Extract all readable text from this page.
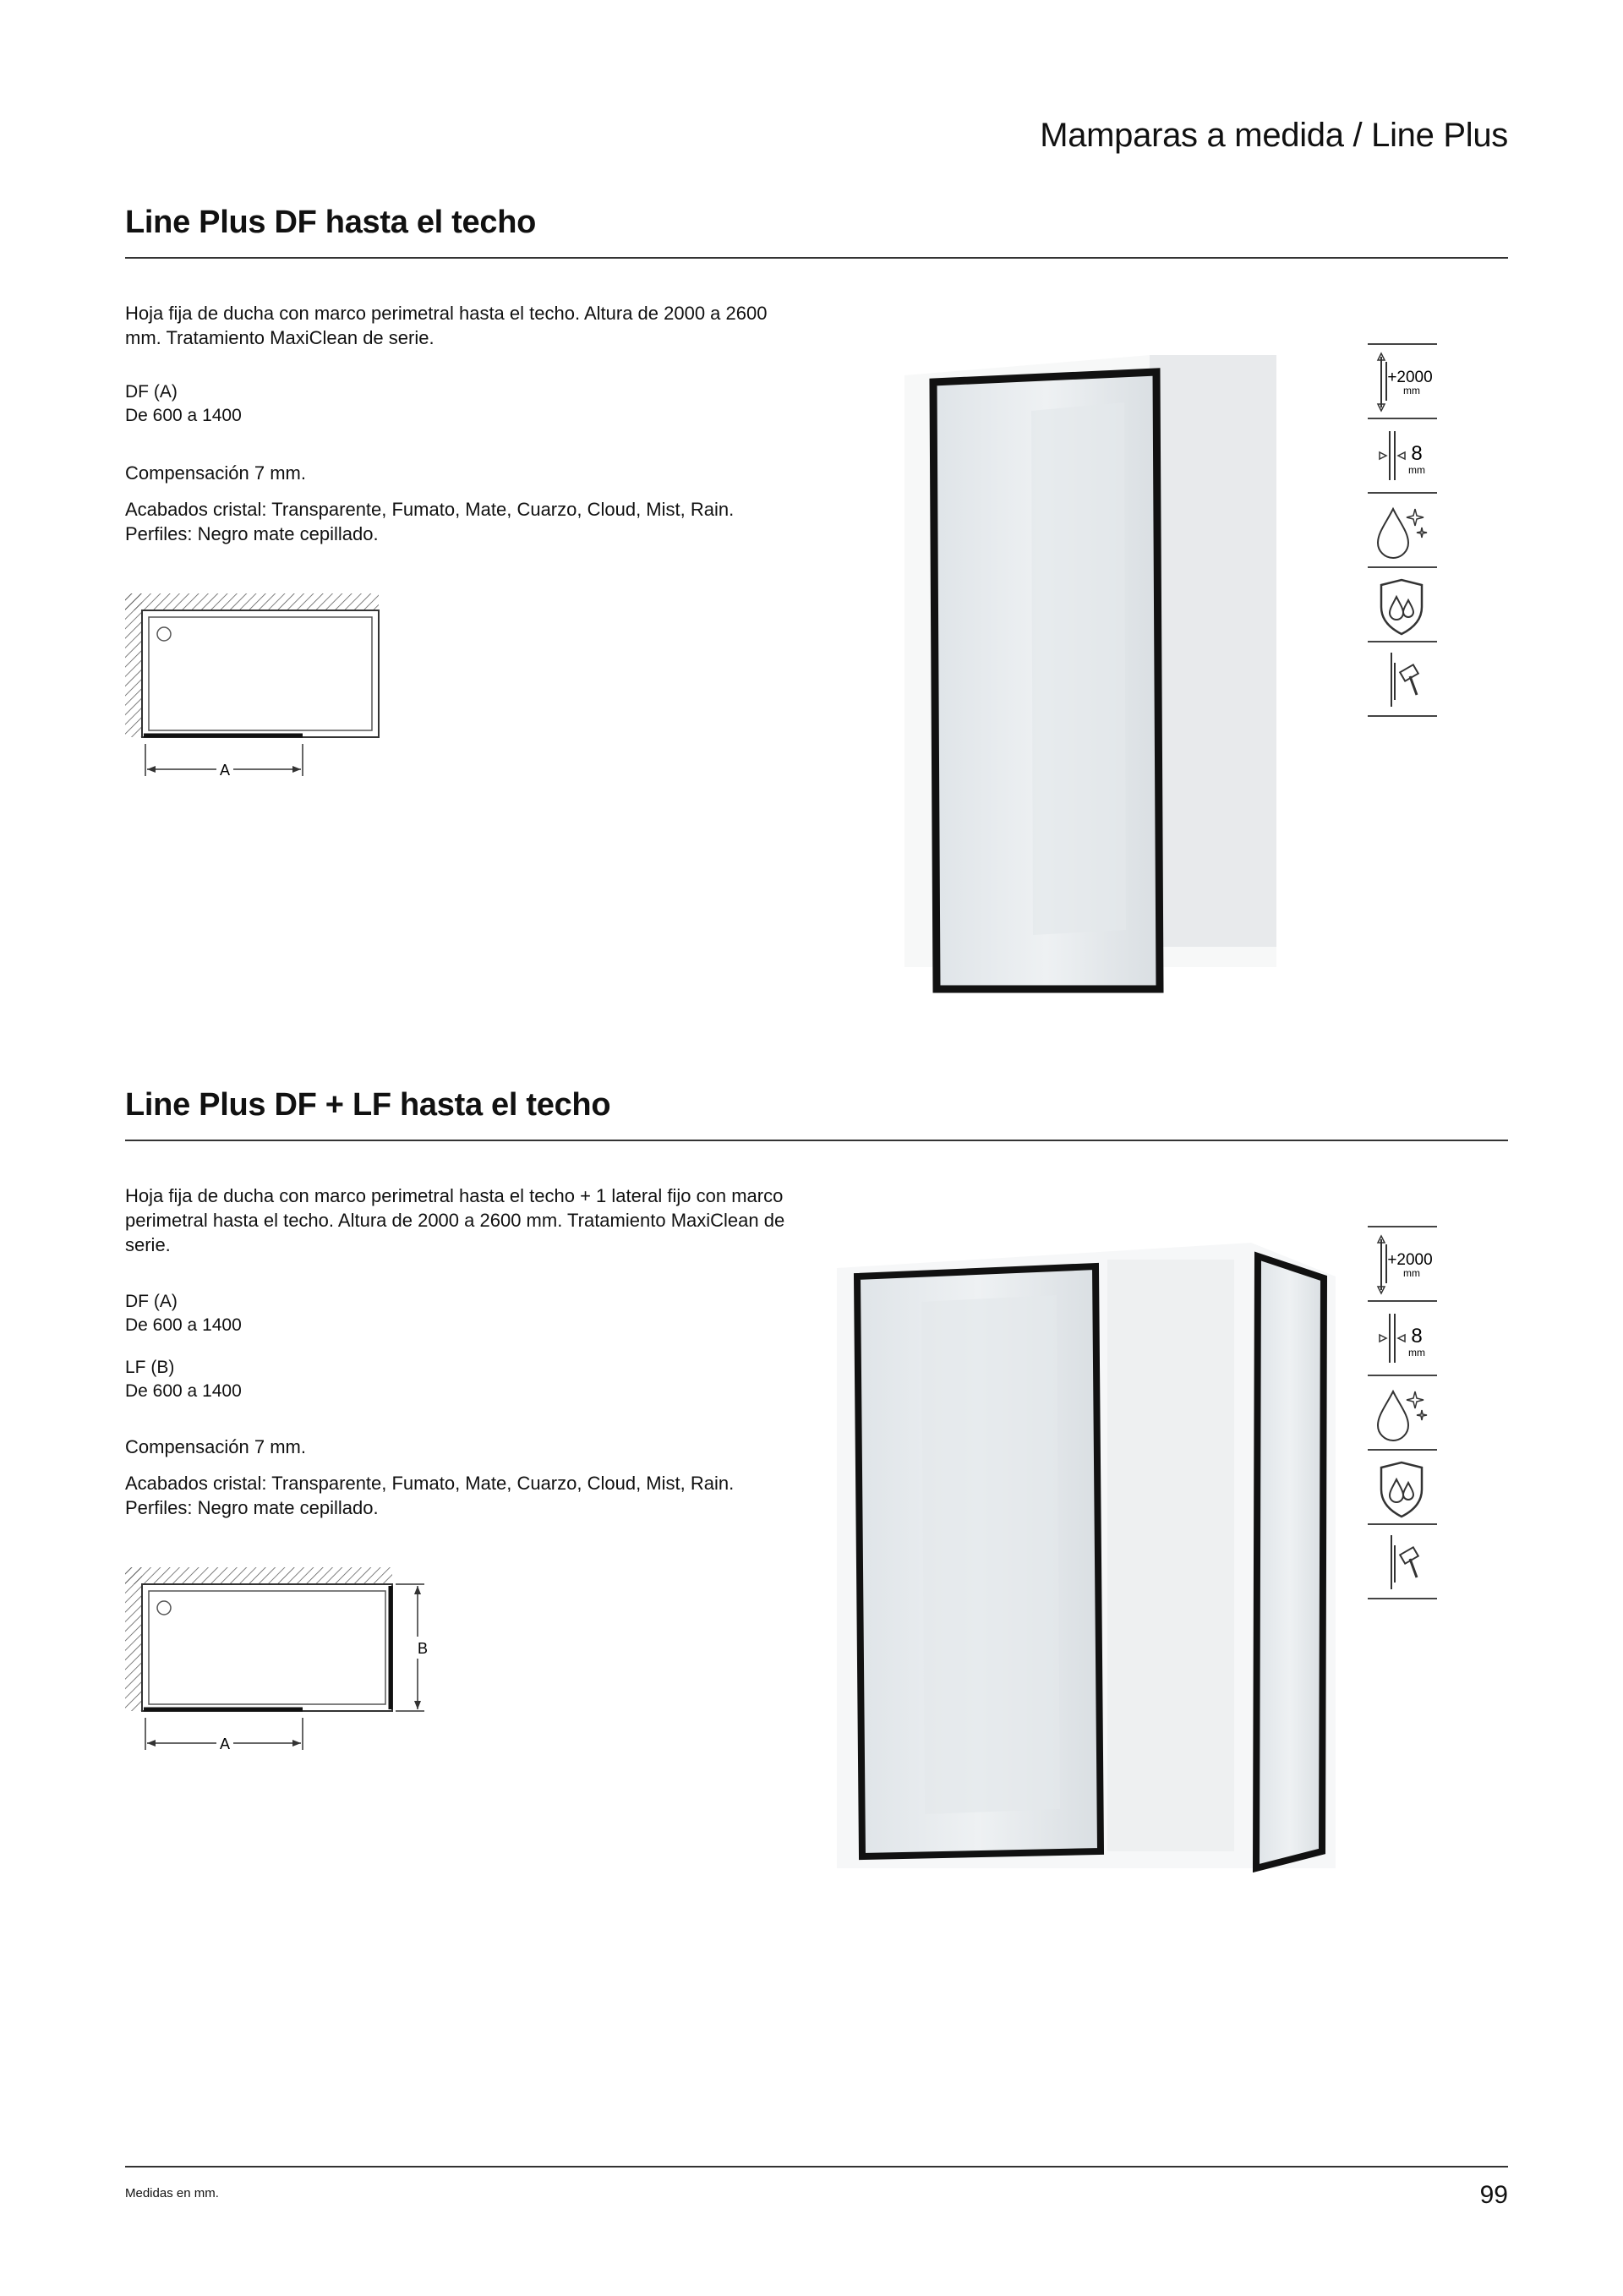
Mamparas a medida / Line Plus
Line Plus DF hasta el techo
Hoja fija de ducha con marco perimetral hasta el techo. Altura de 2000 a 2600 mm. Tratamiento MaxiClean de serie.
DF (A)
De 600 a 1400
Compensación 7 mm.
Acabados cristal: Transparente, Fumato, Mate, Cuarzo, Cloud, Mist, Rain.
Perfiles: Negro mate cepillado.
A
+2000
mm
8
mm
Line Plus DF + LF hasta el techo
Hoja fija de ducha con marco perimetral hasta el techo + 1 lateral fijo con marco perimetral hasta el techo. Altura de 2000 a 2600 mm. Tratamiento MaxiClean de serie.
DF (A)
De 600 a 1400
LF (B)
De 600 a 1400
Compensación 7 mm.
Acabados cristal: Transparente, Fumato, Mate, Cuarzo, Cloud, Mist, Rain.
Perfiles: Negro mate cepillado.
B
A
+2000
mm
8
mm
Medidas en mm.	99
